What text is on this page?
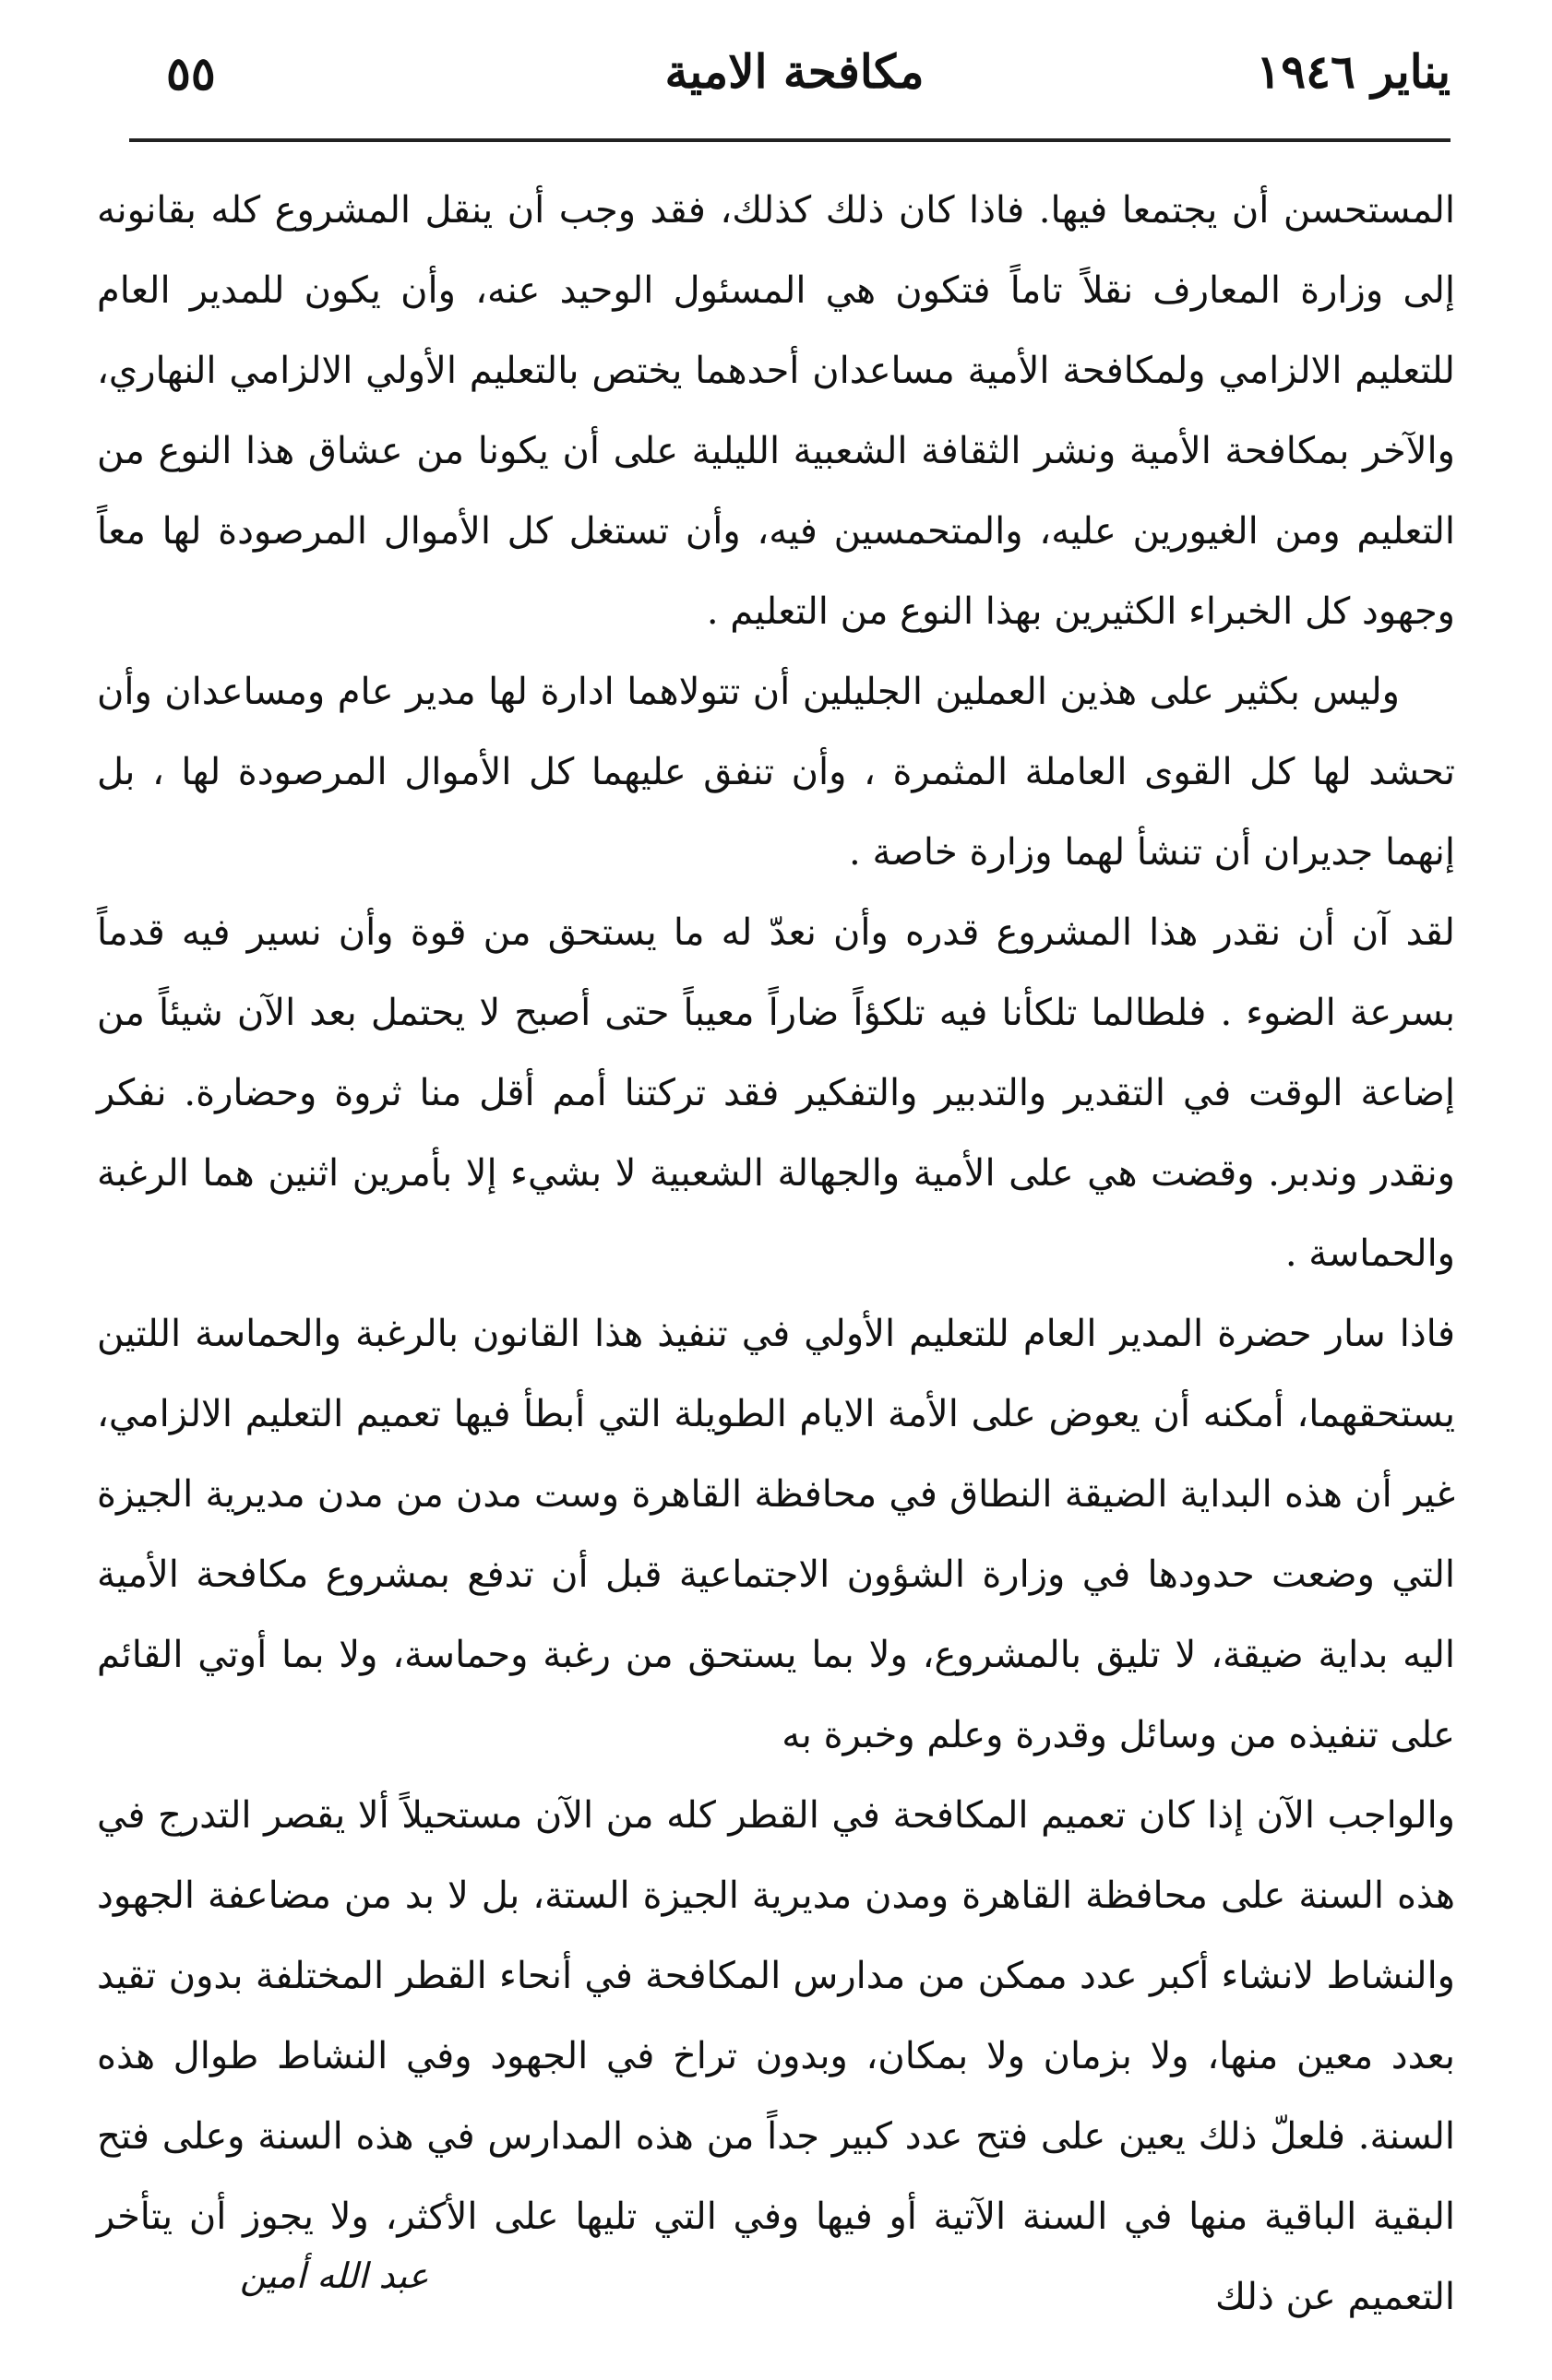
٥٥	مكافحة الامية	يناير ١٩٤٦

المستحسن أن يجتمعا فيها. فاذا كان ذلك كذلك، فقد وجب أن ينقل المشروع كله بقانونه إلى وزارة المعارف نقلاً تاماً فتكون هي المسئول الوحيد عنه، وأن يكون للمدير العام للتعليم الالزامي ولمكافحة الأمية مساعدان أحدهما يختص بالتعليم الأولي الالزامي النهاري، والآخر بمكافحة الأمية ونشر الثقافة الشعبية الليلية على أن يكونا من عشاق هذا النوع من التعليم ومن الغيورين عليه، والمتحمسين فيه، وأن تستغل كل الأموال المرصودة لها معاً وجهود كل الخبراء الكثيرين بهذا النوع من التعليم .

وليس بكثير على هذين العملين الجليلين أن تتولاهما ادارة لها مدير عام ومساعدان وأن تحشد لها كل القوى العاملة المثمرة ، وأن تنفق عليهما كل الأموال المرصودة لها ، بل إنهما جديران أن تنشأ لهما وزارة خاصة .

لقد آن أن نقدر هذا المشروع قدره وأن نعدّ له ما يستحق من قوة وأن نسير فيه قدماً بسرعة الضوء . فلطالما تلكأنا فيه تلكؤاً ضاراً معيباً حتى أصبح لا يحتمل بعد الآن شيئاً من إضاعة الوقت في التقدير والتدبير والتفكير فقد تركتنا أمم أقل منا ثروة وحضارة. نفكر ونقدر وندبر. وقضت هي على الأمية والجهالة الشعبية لا بشيء إلا بأمرين اثنين هما الرغبة والحماسة .

فاذا سار حضرة المدير العام للتعليم الأولي في تنفيذ هذا القانون بالرغبة والحماسة اللتين يستحقهما، أمكنه أن يعوض على الأمة الايام الطويلة التي أبطأ فيها تعميم التعليم الالزامي، غير أن هذه البداية الضيقة النطاق في محافظة القاهرة وست مدن من مدن مديرية الجيزة التي وضعت حدودها في وزارة الشؤون الاجتماعية قبل أن تدفع بمشروع مكافحة الأمية اليه بداية ضيقة، لا تليق بالمشروع، ولا بما يستحق من رغبة وحماسة، ولا بما أوتي القائم على تنفيذه من وسائل وقدرة وعلم وخبرة به

والواجب الآن إذا كان تعميم المكافحة في القطر كله من الآن مستحيلاً ألا يقصر التدرج في هذه السنة على محافظة القاهرة ومدن مديرية الجيزة الستة، بل لا بد من مضاعفة الجهود والنشاط لانشاء أكبر عدد ممكن من مدارس المكافحة في أنحاء القطر المختلفة بدون تقيد بعدد معين منها، ولا بزمان ولا بمكان، وبدون تراخ في الجهود وفي النشاط طوال هذه السنة. فلعلّ ذلك يعين على فتح عدد كبير جداً من هذه المدارس في هذه السنة وعلى فتح البقية الباقية منها في السنة الآتية أو فيها وفي التي تليها على الأكثر، ولا يجوز أن يتأخر التعميم عن ذلك

عبد الله أمين
